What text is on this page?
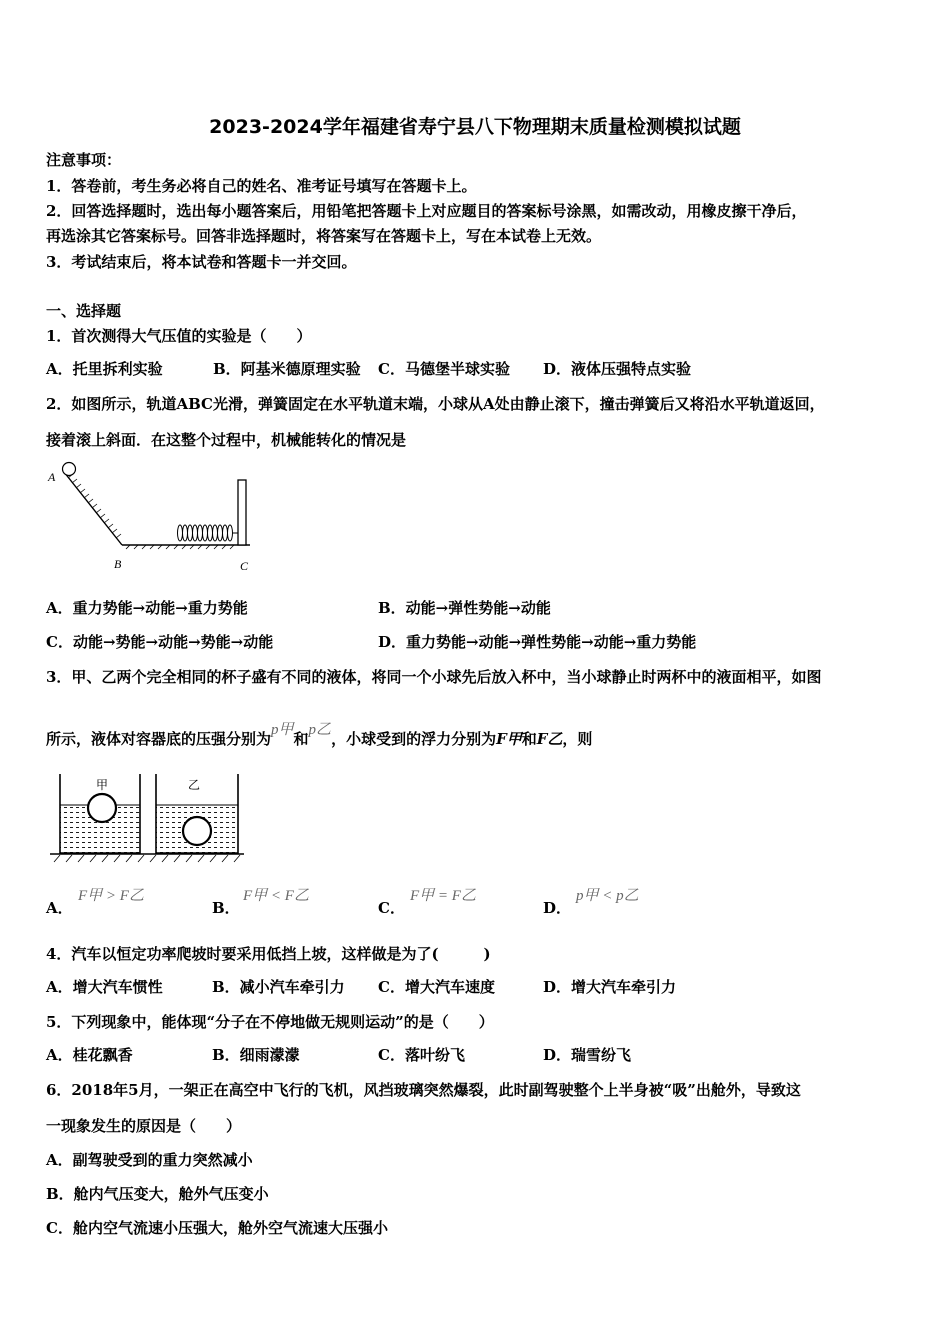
2023-2024学年福建省寿宁县八下物理期末质量检测模拟试题
注意事项：
1．答卷前，考生务必将自己的姓名、准考证号填写在答题卡上。
2．回答选择题时，选出每小题答案后，用铅笔把答题卡上对应题目的答案标号涂黑，如需改动，用橡皮擦干净后，
再选涂其它答案标号。回答非选择题时，将答案写在答题卡上，写在本试卷上无效。
3．考试结束后，将本试卷和答题卡一并交回。
一、选择题
1．首次测得大气压值的实验是（　　）
A．托里拆利实验	B．阿基米德原理实验 C．马德堡半球实验 D．液体压强特点实验
2．如图所示，轨道ABC光滑，弹簧固定在水平轨道末端，小球从A处由静止滚下，撞击弹簧后又将沿水平轨道返回，
接着滚上斜面．在这整个过程中，机械能转化的情况是
A
B	C
A．重力势能→动能→重力势能	B．动能→弹性势能→动能
C．动能→势能→动能→势能→动能	D．重力势能→动能→弹性势能→动能→重力势能
3．甲、乙两个完全相同的杯子盛有不同的液体，将同一个小球先后放入杯中，当小球静止时两杯中的液面相平，如图
所示，液体对容器底的压强分别为p甲和p乙，小球受到的浮力分别为F甲和F乙，则
甲	乙
A．
F甲 > F乙
B．
F甲 < F乙
C．
F甲 = F乙
D．
p甲 < p乙
4．汽车以恒定功率爬坡时要采用低挡上坡，这样做是为了(　　　)
A．增大汽车惯性	B．减小汽车牵引力 C．增大汽车速度	D．增大汽车牵引力
5．下列现象中，能体现“分子在不停地做无规则运动”的是（　　）
A．桂花飘香	B．细雨濛濛	C．落叶纷飞	D．瑞雪纷飞
6．2018年5月，一架正在高空中飞行的飞机，风挡玻璃突然爆裂，此时副驾驶整个上半身被“吸”出舱外，导致这
一现象发生的原因是（　　）
A．副驾驶受到的重力突然减小
B．舱内气压变大，舱外气压变小
C．舱内空气流速小压强大，舱外空气流速大压强小
